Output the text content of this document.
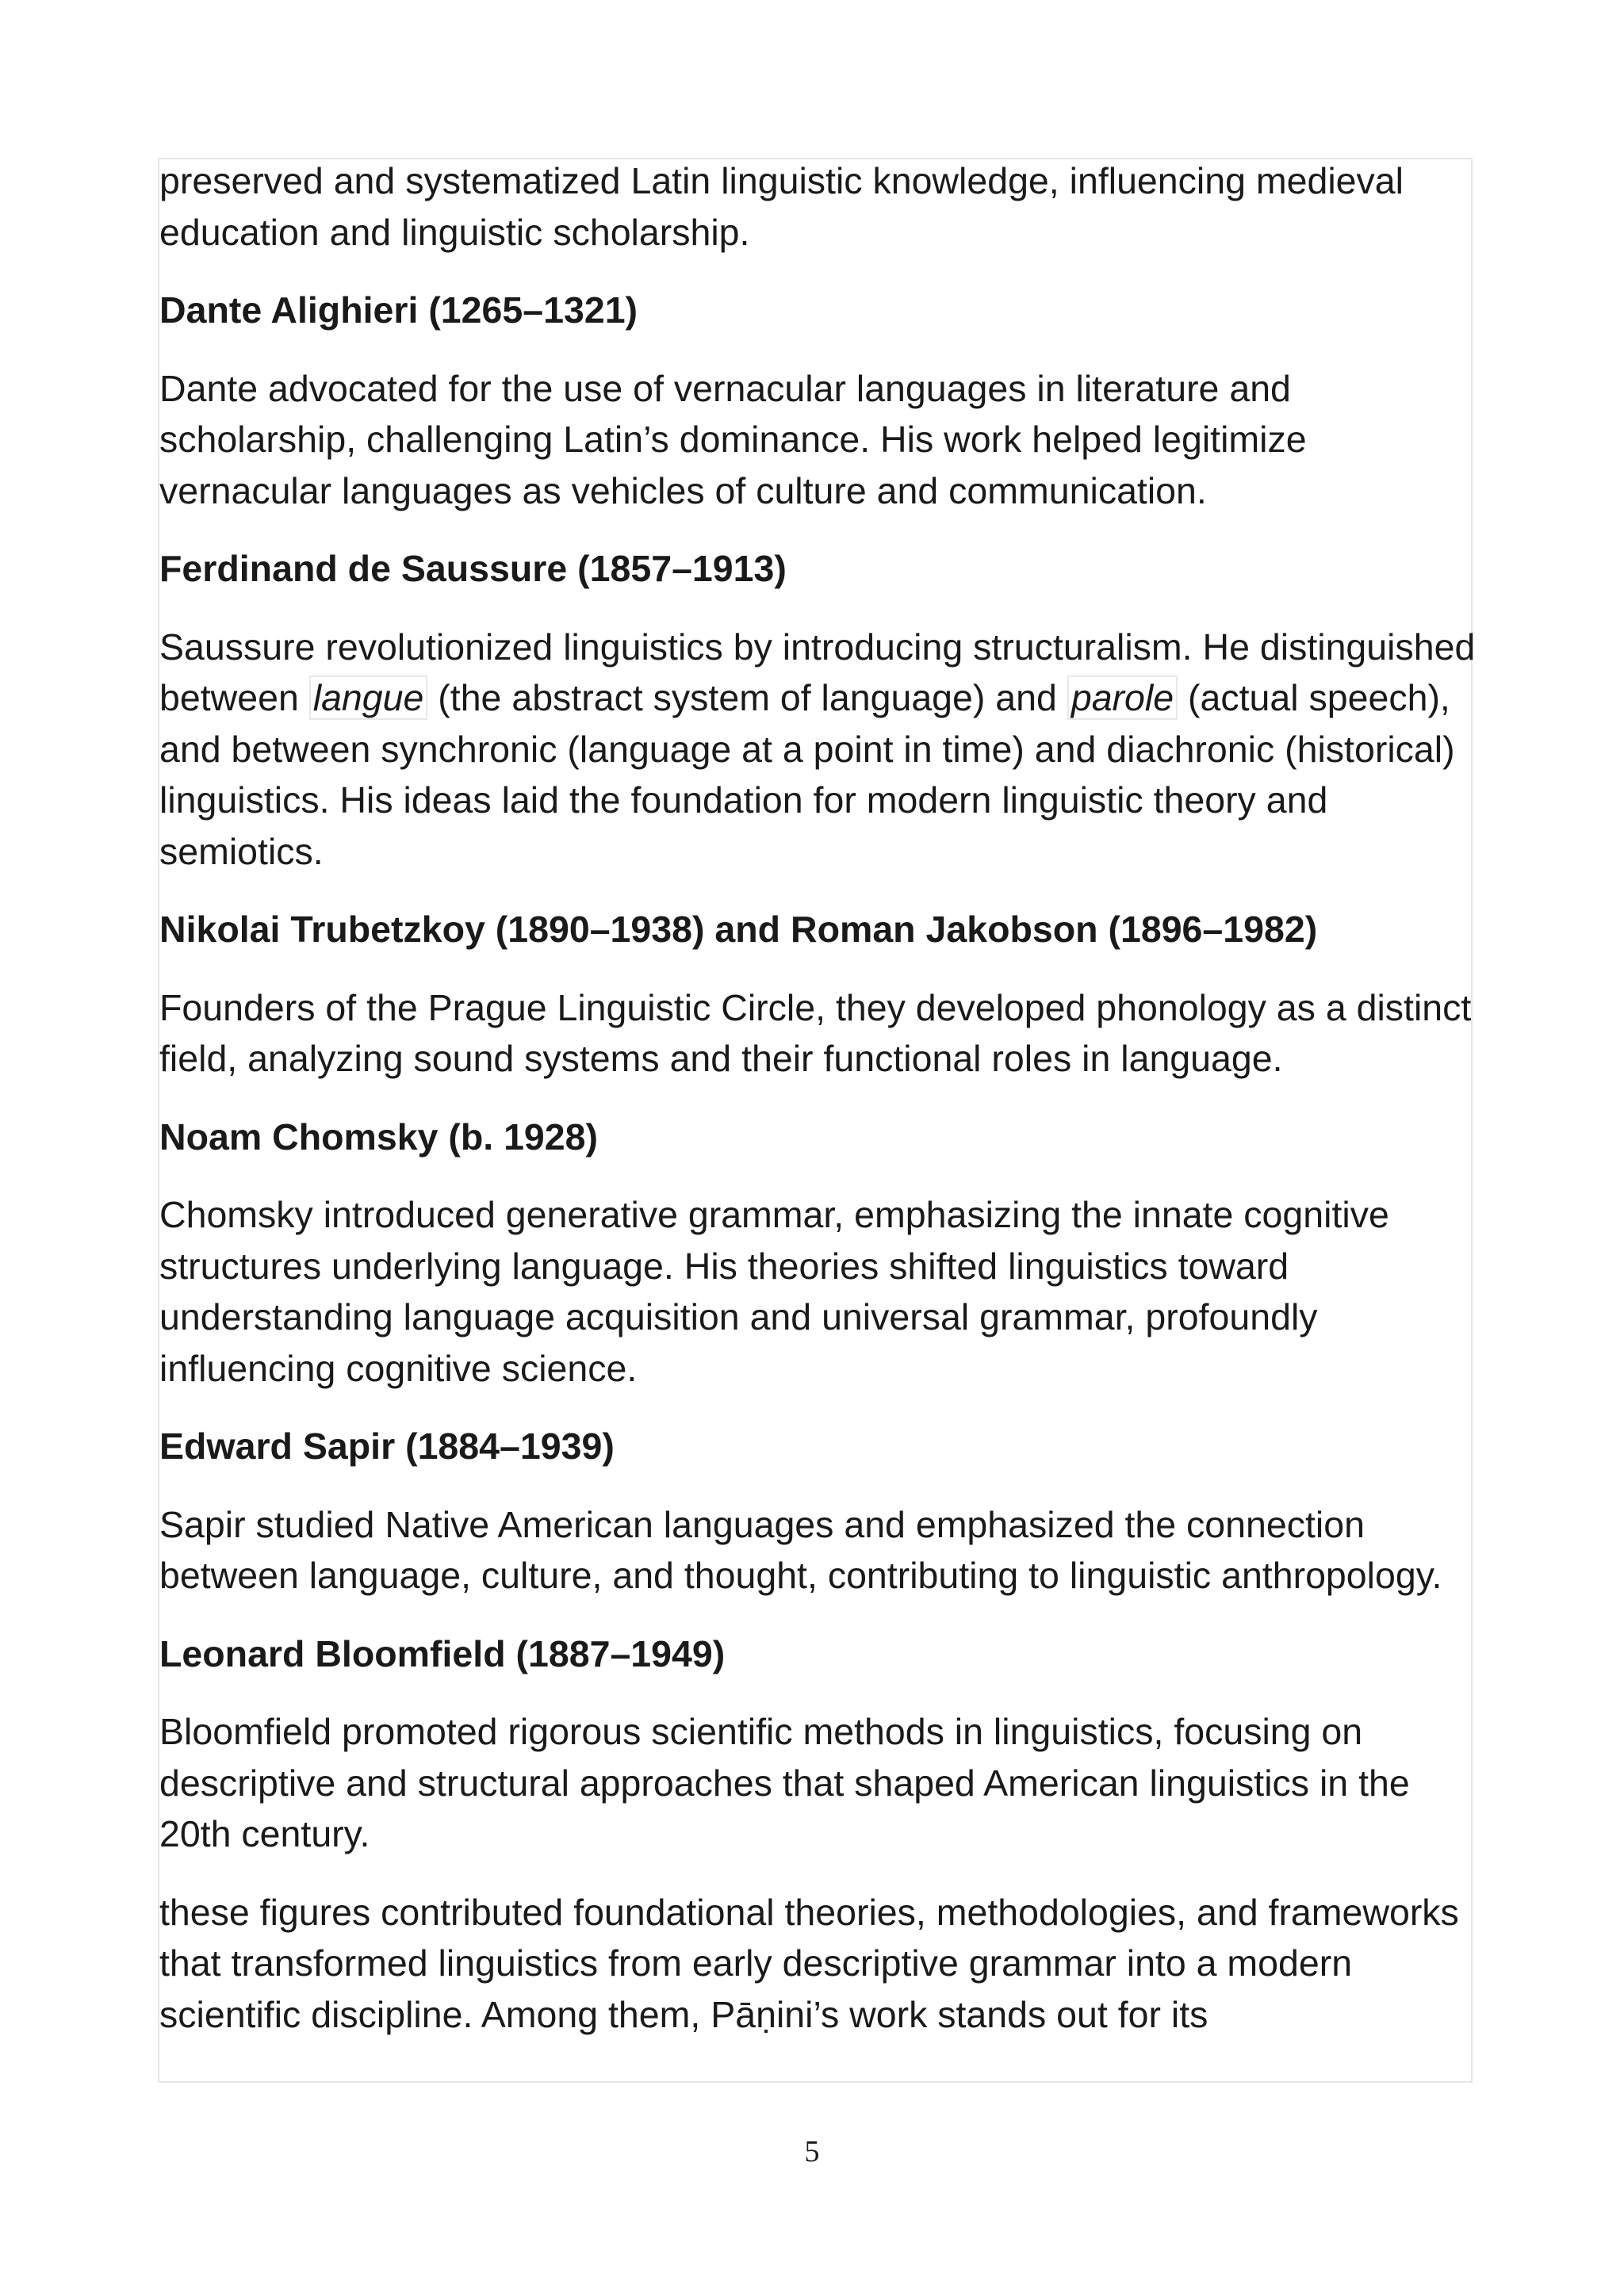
preserved and systematized Latin linguistic knowledge, influencing medieval education and linguistic scholarship.

Dante Alighieri (1265–1321)

Dante advocated for the use of vernacular languages in literature and scholarship, challenging Latin’s dominance. His work helped legitimize vernacular languages as vehicles of culture and communication.

Ferdinand de Saussure (1857–1913)

Saussure revolutionized linguistics by introducing structuralism. He distinguished between langue (the abstract system of language) and parole (actual speech), and between synchronic (language at a point in time) and diachronic (historical) linguistics. His ideas laid the foundation for modern linguistic theory and semiotics.

Nikolai Trubetzkoy (1890–1938) and Roman Jakobson (1896–1982)

Founders of the Prague Linguistic Circle, they developed phonology as a distinct field, analyzing sound systems and their functional roles in language.

Noam Chomsky (b. 1928)

Chomsky introduced generative grammar, emphasizing the innate cognitive structures underlying language. His theories shifted linguistics toward understanding language acquisition and universal grammar, profoundly influencing cognitive science.

Edward Sapir (1884–1939)

Sapir studied Native American languages and emphasized the connection between language, culture, and thought, contributing to linguistic anthropology.

Leonard Bloomfield (1887–1949)

Bloomfield promoted rigorous scientific methods in linguistics, focusing on descriptive and structural approaches that shaped American linguistics in the 20th century.

these figures contributed foundational theories, methodologies, and frameworks that transformed linguistics from early descriptive grammar into a modern scientific discipline. Among them, Pāṇini’s work stands out for its

5
